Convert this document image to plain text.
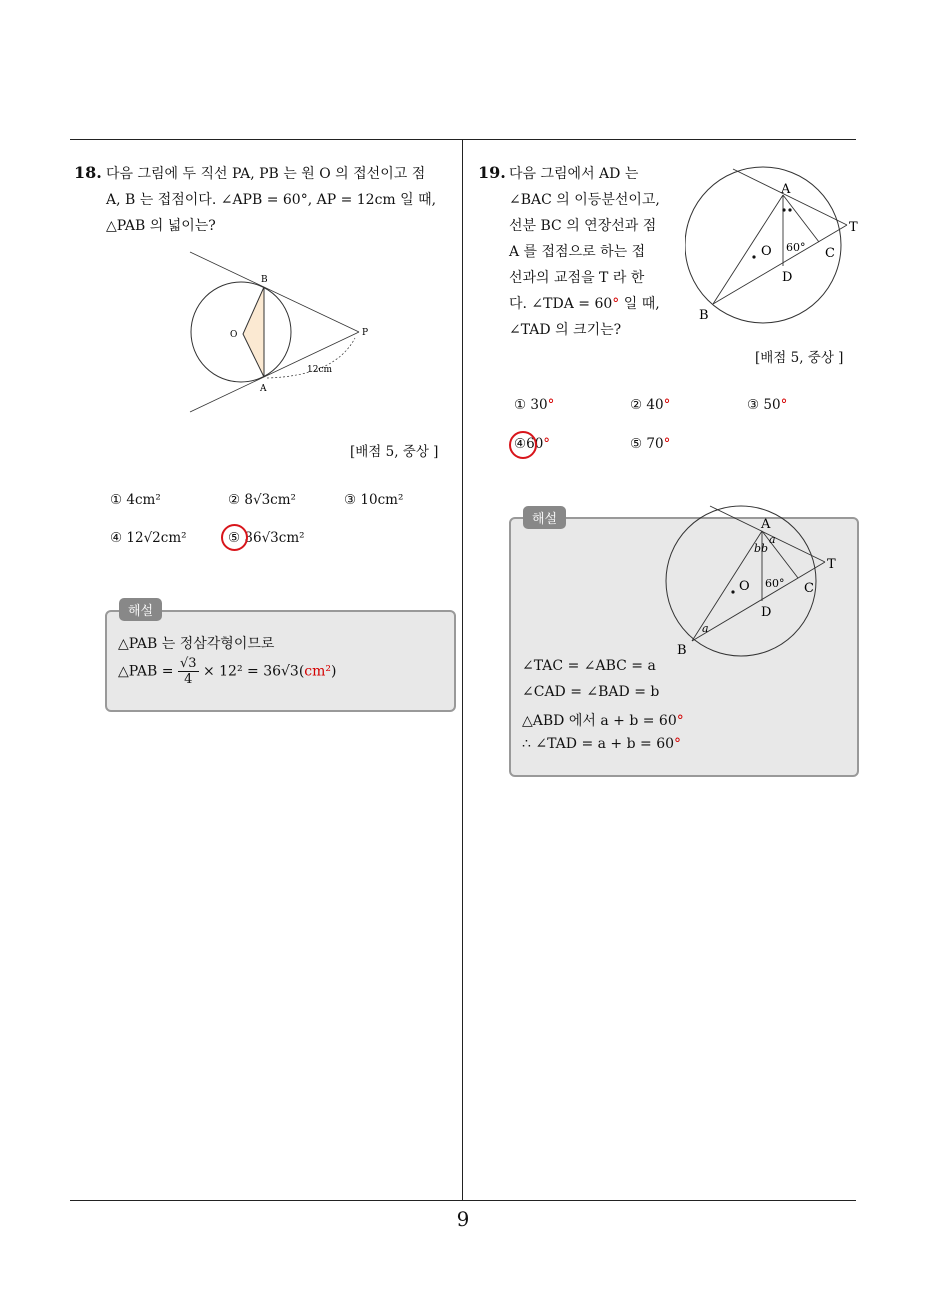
18. 다음 그림에 두 직선 PA, PB 는 원 O 의 접선이고 점
A, B 는 접점이다. ∠APB = 60°, AP = 12cm 일 때,
△PAB 의 넓이는?
B
O	P
A
12cm
[배점 5, 중상 ]
① 4cm²	② 8√3cm²	③ 10cm²
④ 12√2cm²	⑤ 36√3cm²
해설
△PAB 는 정삼각형이므로
△PAB = $\frac{√3}{4} \times 12^2 = 36√3(cm^2)$
19. 다음 그림에서 AD 는
∠BAC 의 이등분선이고,
선분 BC 의 연장선과 점
A 를 접점으로 하는 접
선과의 교점을 T 라 한
다. ∠TDA = 60° 일 때,
∠TAD 의 크기는?
A
T
O 60° C
D
B
[배점 5, 중상 ]
① 30°	② 40°	③ 50°
④60°	⑤ 70°
해설	A
a
bb
T
O 60° C
D
a
B
∠TAC = ∠ABC = a
∠CAD = ∠BAD = b
△ABD 에서 a + b = 60°
∴ ∠TAD = a + b = 60°
9
